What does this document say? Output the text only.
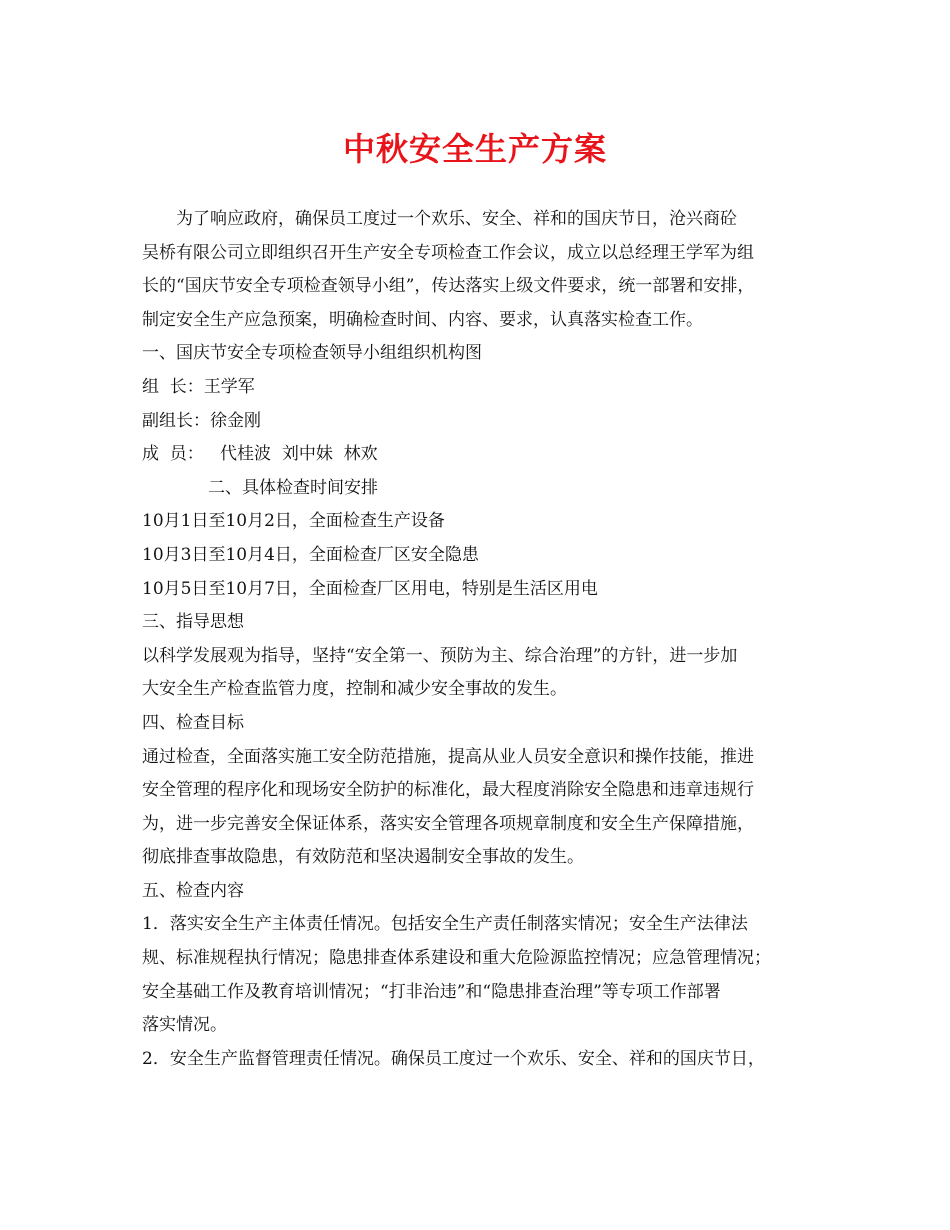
中秋安全生产方案

为了响应政府，确保员工度过一个欢乐、安全、祥和的国庆节日，沧兴商砼

吴桥有限公司立即组织召开生产安全专项检查工作会议，成立以总经理王学军为组

长的“国庆节安全专项检查领导小组”，传达落实上级文件要求，统一部署和安排，

制定安全生产应急预案，明确检查时间、内容、要求，认真落实检查工作。

一、国庆节安全专项检查领导小组组织机构图

组  长：王学军

副组长：徐金刚

成  员：   代桂波  刘中妹  林欢

二、具体检查时间安排

10月1日至10月2日，全面检查生产设备

10月3日至10月4日，全面检查厂区安全隐患

10月5日至10月7日，全面检查厂区用电，特别是生活区用电

三、指导思想

以科学发展观为指导，坚持“安全第一、预防为主、综合治理”的方针，进一步加

大安全生产检查监管力度，控制和减少安全事故的发生。

四、检查目标

通过检查，全面落实施工安全防范措施，提高从业人员安全意识和操作技能，推进

安全管理的程序化和现场安全防护的标准化，最大程度消除安全隐患和违章违规行

为，进一步完善安全保证体系，落实安全管理各项规章制度和安全生产保障措施，

彻底排查事故隐患，有效防范和坚决遏制安全事故的发生。

五、检查内容

1．落实安全生产主体责任情况。包括安全生产责任制落实情况；安全生产法律法

规、标准规程执行情况；隐患排查体系建设和重大危险源监控情况；应急管理情况；

安全基础工作及教育培训情况；“打非治违”和“隐患排查治理”等专项工作部署

落实情况。

2．安全生产监督管理责任情况。确保员工度过一个欢乐、安全、祥和的国庆节日，
